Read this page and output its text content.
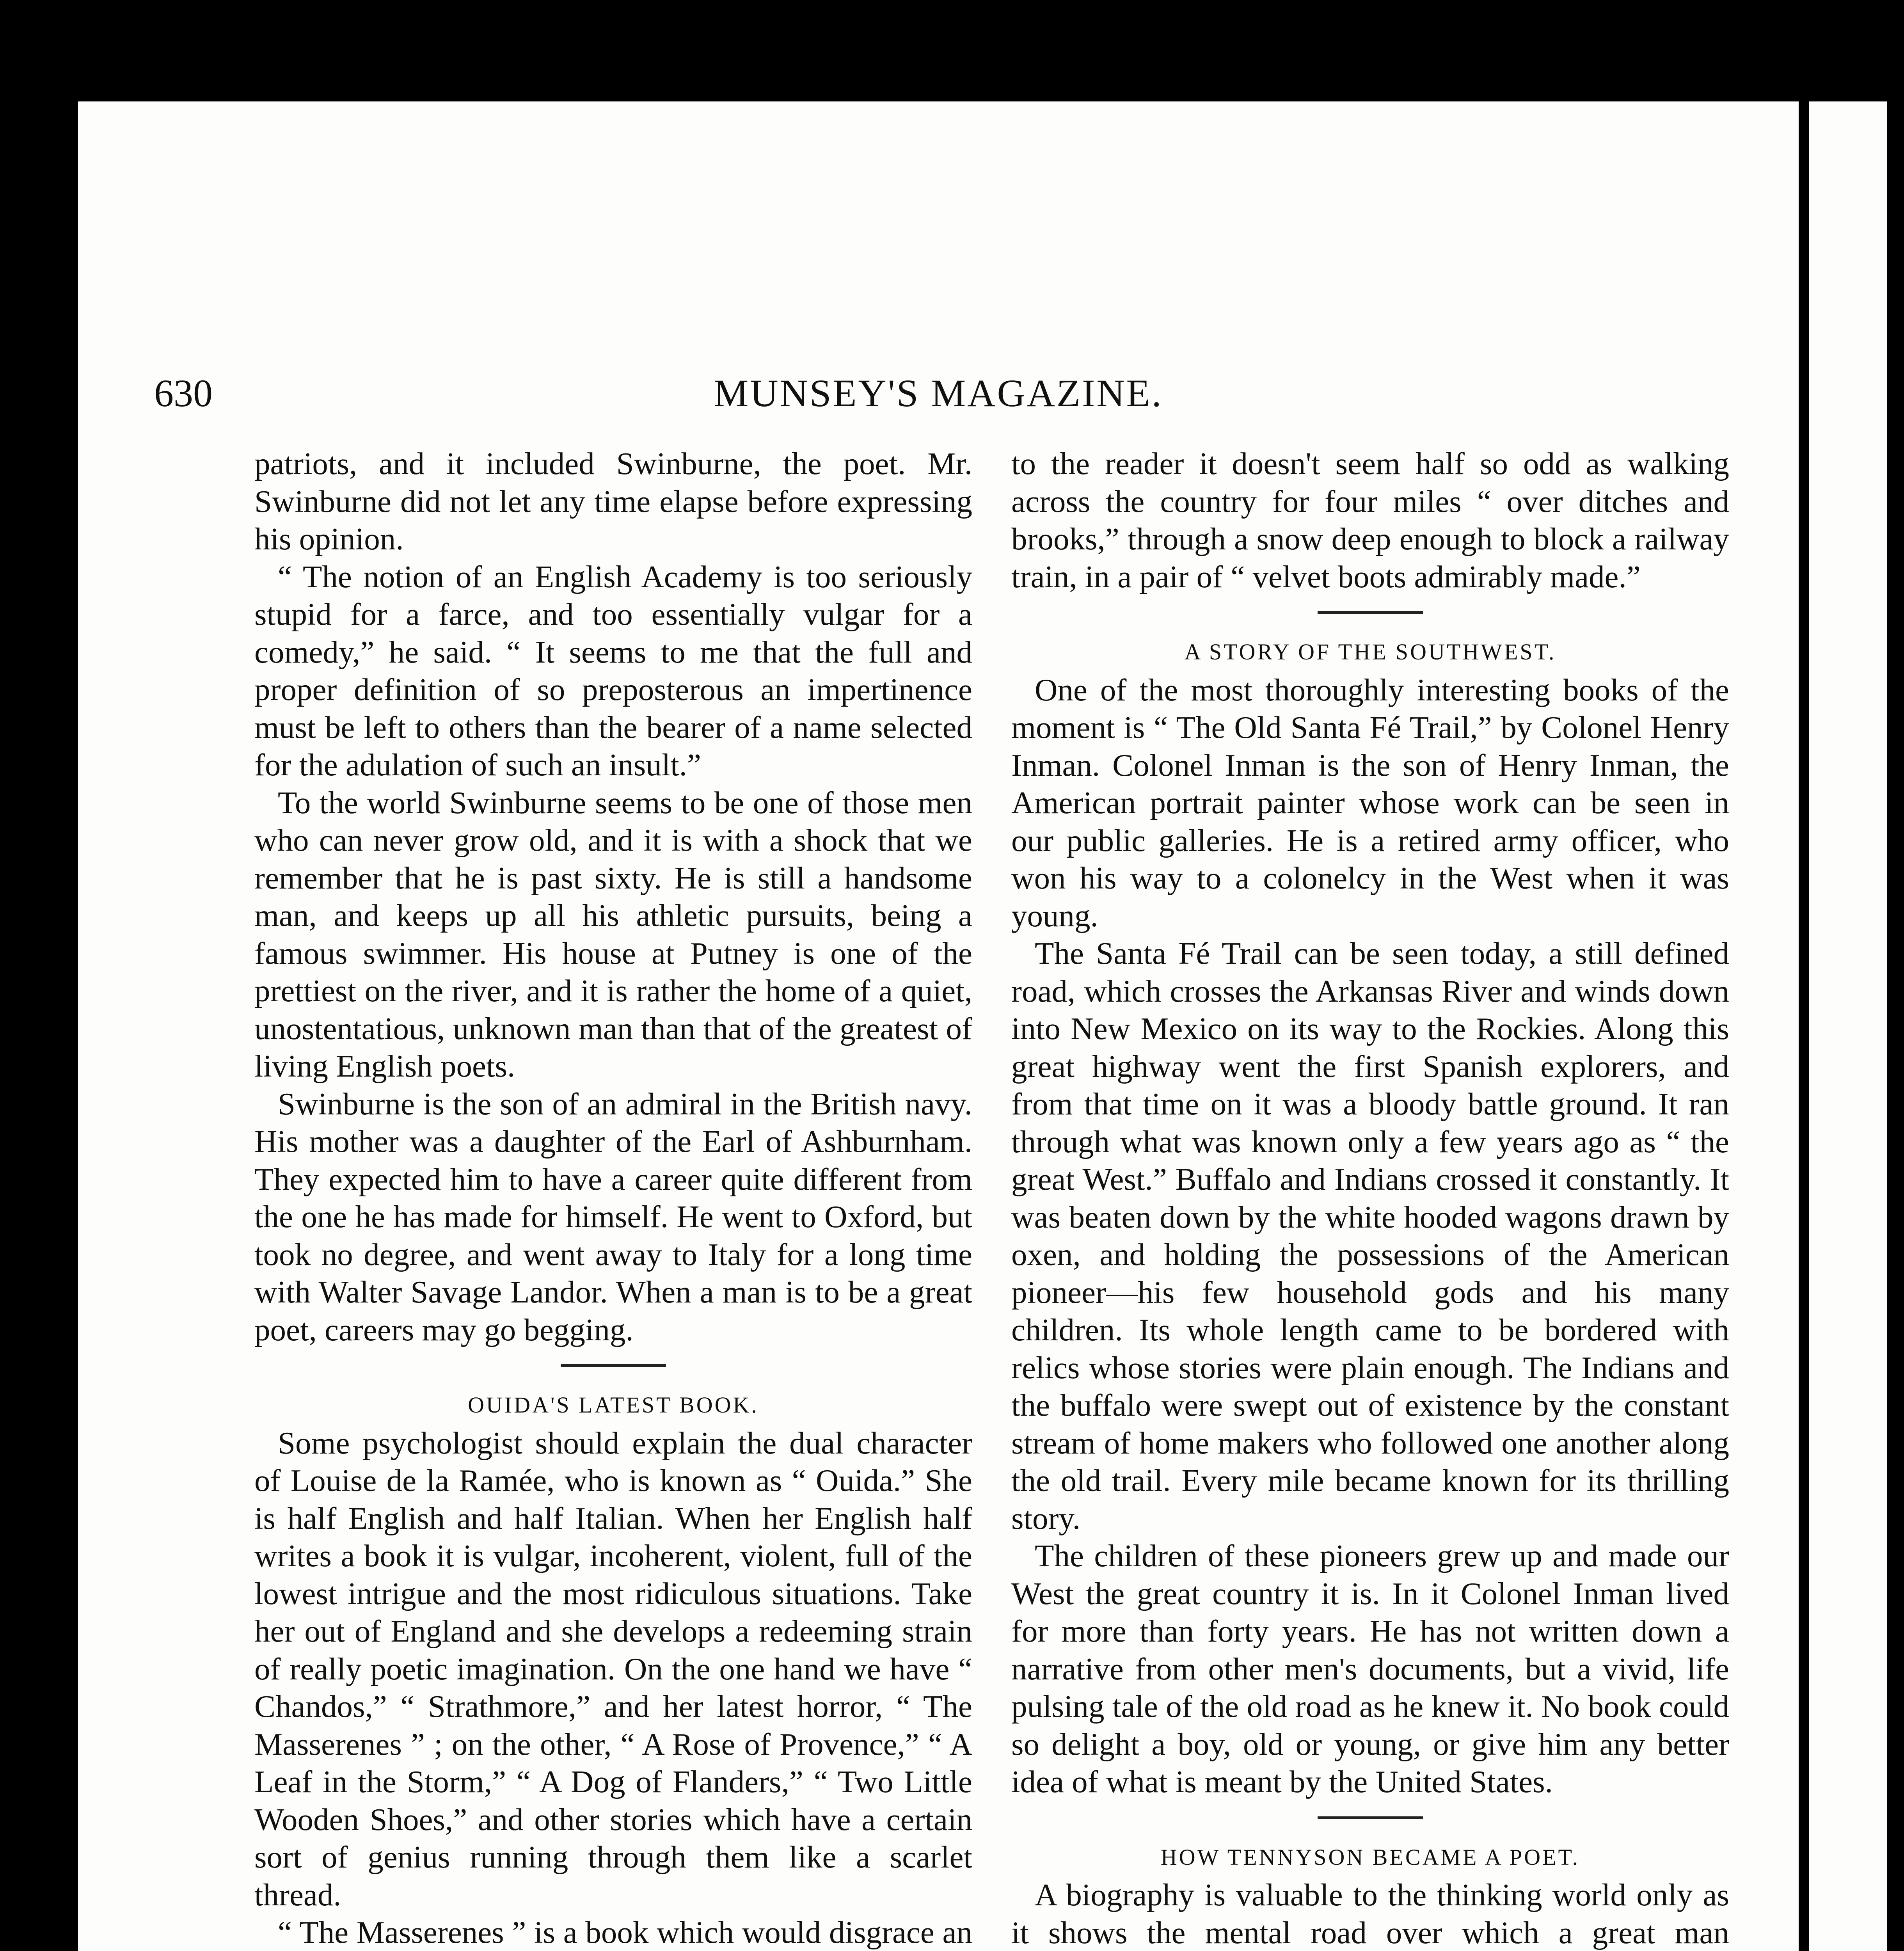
630	MUNSEY'S MAGAZINE.

patriots, and it included Swinburne, the poet. Mr. Swinburne did not let any time elapse before expressing his opinion.

“ The notion of an English Academy is too seriously stupid for a farce, and too essentially vulgar for a comedy,” he said. “ It seems to me that the full and proper definition of so preposterous an impertinence must be left to others than the bearer of a name selected for the adulation of such an insult.”

To the world Swinburne seems to be one of those men who can never grow old, and it is with a shock that we remember that he is past sixty. He is still a handsome man, and keeps up all his athletic pursuits, being a famous swimmer. His house at Putney is one of the prettiest on the river, and it is rather the home of a quiet, unostentatious, unknown man than that of the greatest of living English poets.

Swinburne is the son of an admiral in the British navy. His mother was a daughter of the Earl of Ashburnham. They expected him to have a career quite different from the one he has made for himself. He went to Oxford, but took no degree, and went away to Italy for a long time with Walter Savage Landor. When a man is to be a great poet, careers may go begging.

OUIDA'S LATEST BOOK.

Some psychologist should explain the dual character of Louise de la Ramée, who is known as “ Ouida.” She is half English and half Italian. When her English half writes a book it is vulgar, incoherent, violent, full of the lowest intrigue and the most ridiculous situations. Take her out of England and she develops a redeeming strain of really poetic imagination. On the one hand we have “ Chandos,” “ Strathmore,” and her latest horror, “ The Masserenes ” ; on the other, “ A Rose of Provence,” “ A Leaf in the Storm,” “ A Dog of Flanders,” “ Two Little Wooden Shoes,” and other stories which have a certain sort of genius running through them like a scarlet thread.

“ The Masserenes ” is a book which would disgrace an

to the reader it doesn't seem half so odd as walking across the country for four miles “ over ditches and brooks,” through a snow deep enough to block a railway train, in a pair of “ velvet boots admirably made.”

A STORY OF THE SOUTHWEST.

One of the most thoroughly interesting books of the moment is “ The Old Santa Fé Trail,” by Colonel Henry Inman. Colonel Inman is the son of Henry Inman, the American portrait painter whose work can be seen in our public galleries. He is a retired army officer, who won his way to a colonelcy in the West when it was young.

The Santa Fé Trail can be seen today, a still defined road, which crosses the Arkansas River and winds down into New Mexico on its way to the Rockies. Along this great highway went the first Spanish explorers, and from that time on it was a bloody battle ground. It ran through what was known only a few years ago as “ the great West.” Buffalo and Indians crossed it constantly. It was beaten down by the white hooded wagons drawn by oxen, and holding the possessions of the American pioneer—his few household gods and his many children. Its whole length came to be bordered with relics whose stories were plain enough. The Indians and the buffalo were swept out of existence by the constant stream of home makers who followed one another along the old trail. Every mile became known for its thrilling story.

The children of these pioneers grew up and made our West the great country it is. In it Colonel Inman lived for more than forty years. He has not written down a narrative from other men's documents, but a vivid, life pulsing tale of the old road as he knew it. No book could so delight a boy, old or young, or give him any better idea of what is meant by the United States.

HOW TENNYSON BECAME A POET.

A biography is valuable to the thinking world only as it shows the mental road over which a great man
